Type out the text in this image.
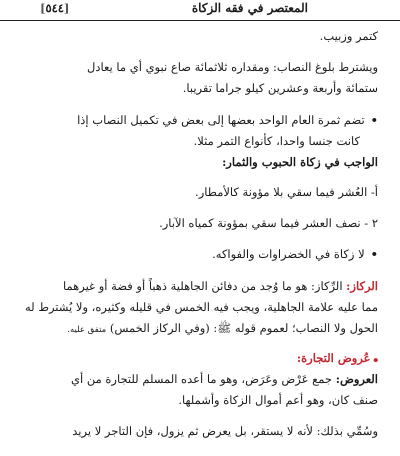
المعتصر في فقه الزكاة
[٥٤٤]
كتمر وزبيب.
ويشترط بلوغ النصاب: ومقداره ثلاثمائة صاع نبوي أي ما يعادل
ستمائة وأربعة وعشرين كيلو جراما تقريبا.
•تضم ثمرة العام الواحد بعضها إلى بعض في تكميل النصاب إذا
كانت جنسا واحدا، كأنواع التمر مثلا.
الواجب في زكاة الحبوب والثمار:
أ- العُشر فيما سقي بلا مؤونة كالأمطار.
٢ - نصف العشر فيما سقي بمؤونة كمياه الآبار.
•لا زكاة في الخضراوات والفواكه.
الركاز: الرِّكاز: هو ما وُجد من دفائن الجاهلية ذهباً أو فضة أو غيرهما
مما عليه علامة الجاهلية، ويجب فيه الخمس في قليله وكثيره، ولا يُشترط له
الحول ولا النصاب؛ لعموم قوله ﷺ: (وفي الركاز الخمس) متفق عليه.
⦁عُروض التجارة:
العروض: جمع عَرْض وعَرَض، وهو ما أعده المسلم للتجارة من أي
صنف كان، وهو أعم أموال الزكاة وأشملها.
وسُمِّي بذلك: لأنه لا يستقر، بل يعرض ثم يزول، فإن التاجر لا يريد
